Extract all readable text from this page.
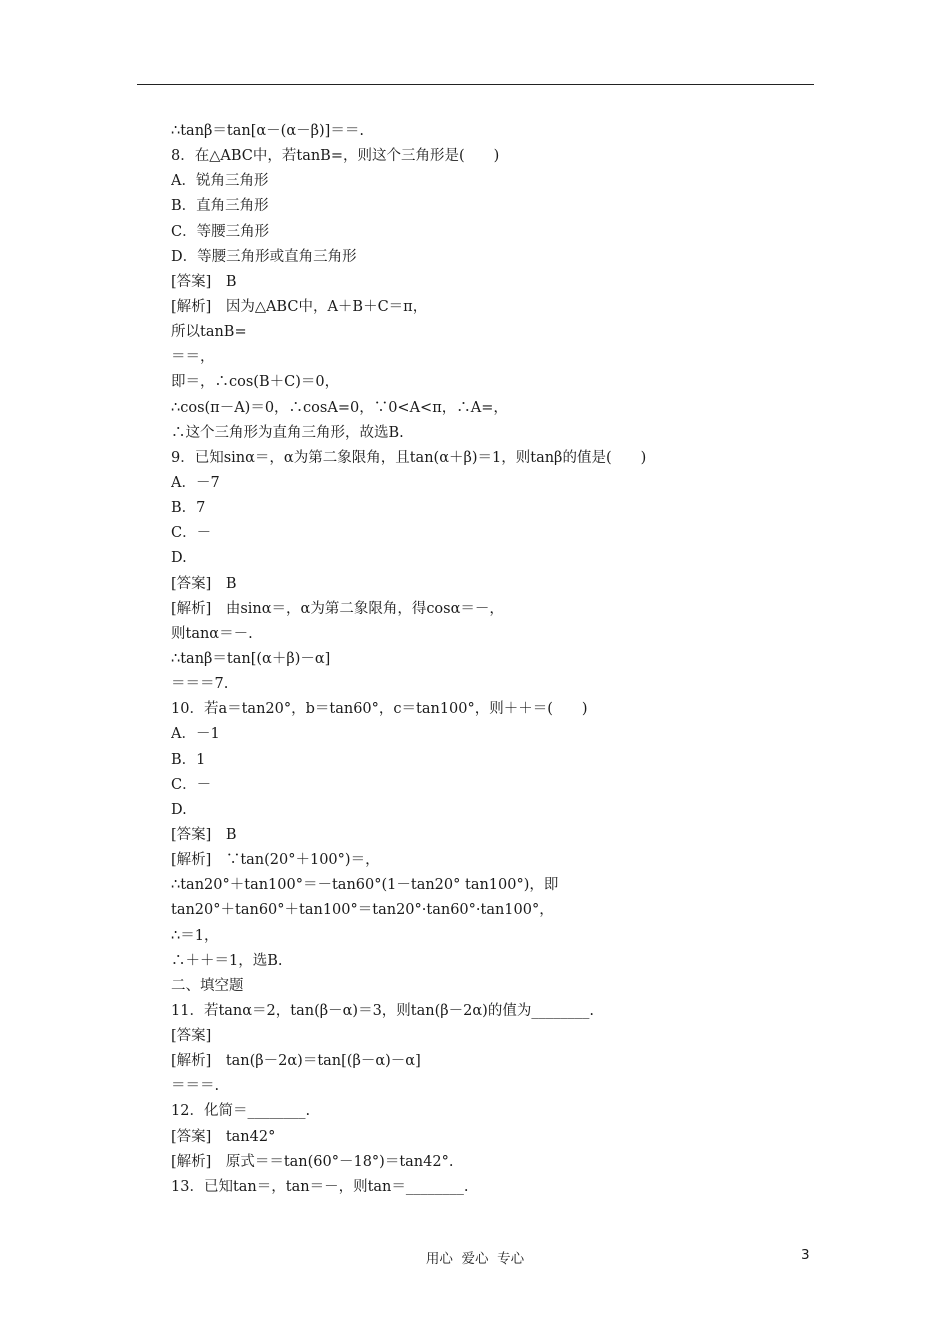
∴tanβ＝tan[α－(α－β)]＝＝.
8．在△ABC中，若tanB=，则这个三角形是(　　)
A．锐角三角形
B．直角三角形
C．等腰三角形
D．等腰三角形或直角三角形
[答案]　B
[解析]　因为△ABC中，A＋B＋C＝π，
所以tanB=
＝＝，
即＝，∴cos(B＋C)＝0，
∴cos(π－A)＝0，∴cosA=0，∵0<A<π，∴A=，
∴这个三角形为直角三角形，故选B.
9．已知sinα＝，α为第二象限角，且tan(α＋β)＝1，则tanβ的值是(　　)
A．－7
B．7
C．－
D.
[答案]　B
[解析]　由sinα＝，α为第二象限角，得cosα＝－，
则tanα＝－.
∴tanβ＝tan[(α＋β)－α]
＝＝＝7.
10．若a＝tan20°，b＝tan60°，c＝tan100°，则＋＋＝(　　)
A．－1
B．1
C．－
D.
[答案]　B
[解析]　∵tan(20°＋100°)＝，
∴tan20°＋tan100°＝－tan60°(1－tan20° tan100°)，即
tan20°＋tan60°＋tan100°＝tan20°·tan60°·tan100°，
∴＝1，
∴＋＋＝1，选B.
二、填空题
11．若tanα＝2，tan(β－α)＝3，则tan(β－2α)的值为________.
[答案]
[解析]　tan(β－2α)＝tan[(β－α)－α]
＝＝＝.
12．化简＝________.
[答案]　tan42°
[解析]　原式＝＝tan(60°－18°)＝tan42°.
13．已知tan＝，tan＝－，则tan＝________.
用心  爱心  专心	3
